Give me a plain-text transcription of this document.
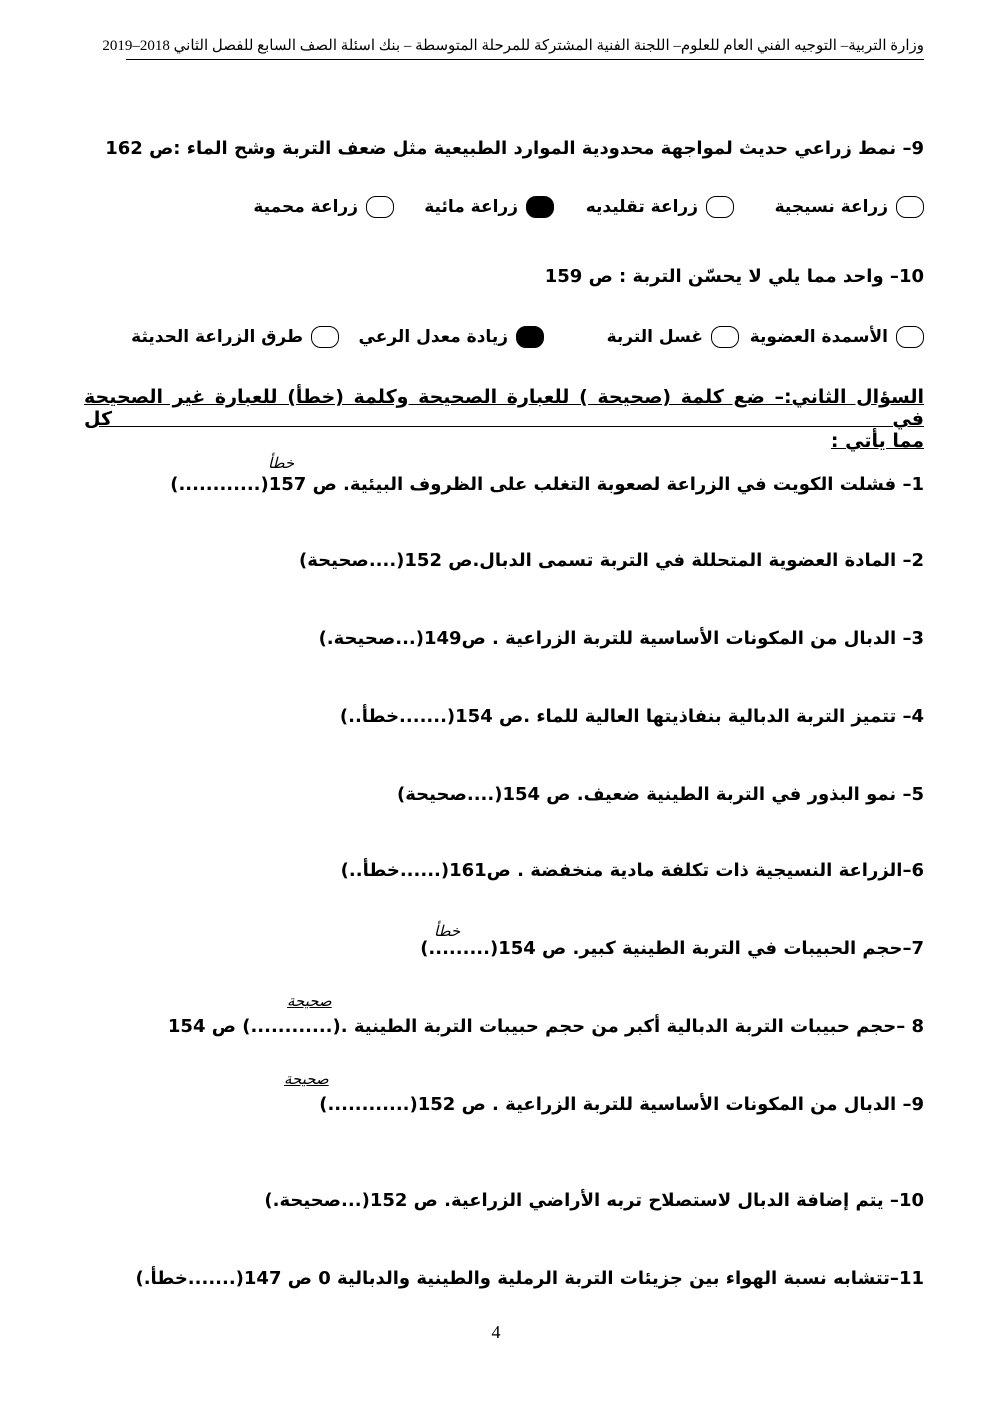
وزارة التربية– التوجيه الفني العام للعلوم– اللجنة الفنية المشتركة للمرحلة المتوسطة – بنك اسئلة الصف السابع للفصل الثاني 2018–2019
9– نمط زراعي حديث لمواجهة محدودية الموارد الطبيعية مثل ضعف التربة وشح الماء :ص 162
زراعة نسيجية
زراعة تقليديه
زراعة مائية
زراعة محمية
10– واحد مما يلي لا يحسّن التربة : ص 159
الأسمدة العضوية
غسل التربة
زيادة معدل الرعي
طرق الزراعة الحديثة
السؤال الثاني:– ضع كلمة (صحيحة ) للعبارة الصحيحة وكلمة (خطأ) للعبارة غير الصحيحة في كل
مما يأتي :
خطأ
1– فشلت الكويت في الزراعة لصعوبة التغلب على الظروف البيئية. ص 157(............)
2– المادة العضوية المتحللة في التربة تسمى الدبال.ص 152(....صحيحة)
3– الدبال من المكونات الأساسية للتربة الزراعية . ص149(...صحيحة.)
4– تتميز التربة الدبالية بنفاذيتها العالية للماء .ص 154(.......خطأ..)
5– نمو البذور في التربة الطينية ضعيف. ص 154(....صحيحة)
6–الزراعة النسيجية ذات تكلفة مادية منخفضة . ص161(......خطأ..)
خطأ
7–حجم الحبيبات في التربة الطينية كبير. ص 154(.........)
صحيحة
8 –حجم حبيبات التربة الدبالية أكبر من حجم حبيبات التربة الطينية .(............) ص 154
صحيحة
9– الدبال من المكونات الأساسية للتربة الزراعية . ص 152(............)
10– يتم إضافة الدبال لاستصلاح تربه الأراضي الزراعية. ص 152(...صحيحة.)
11–تتشابه نسبة الهواء بين جزيئات التربة الرملية والطينية والدبالية 0 ص 147(.......خطأ.)
4
